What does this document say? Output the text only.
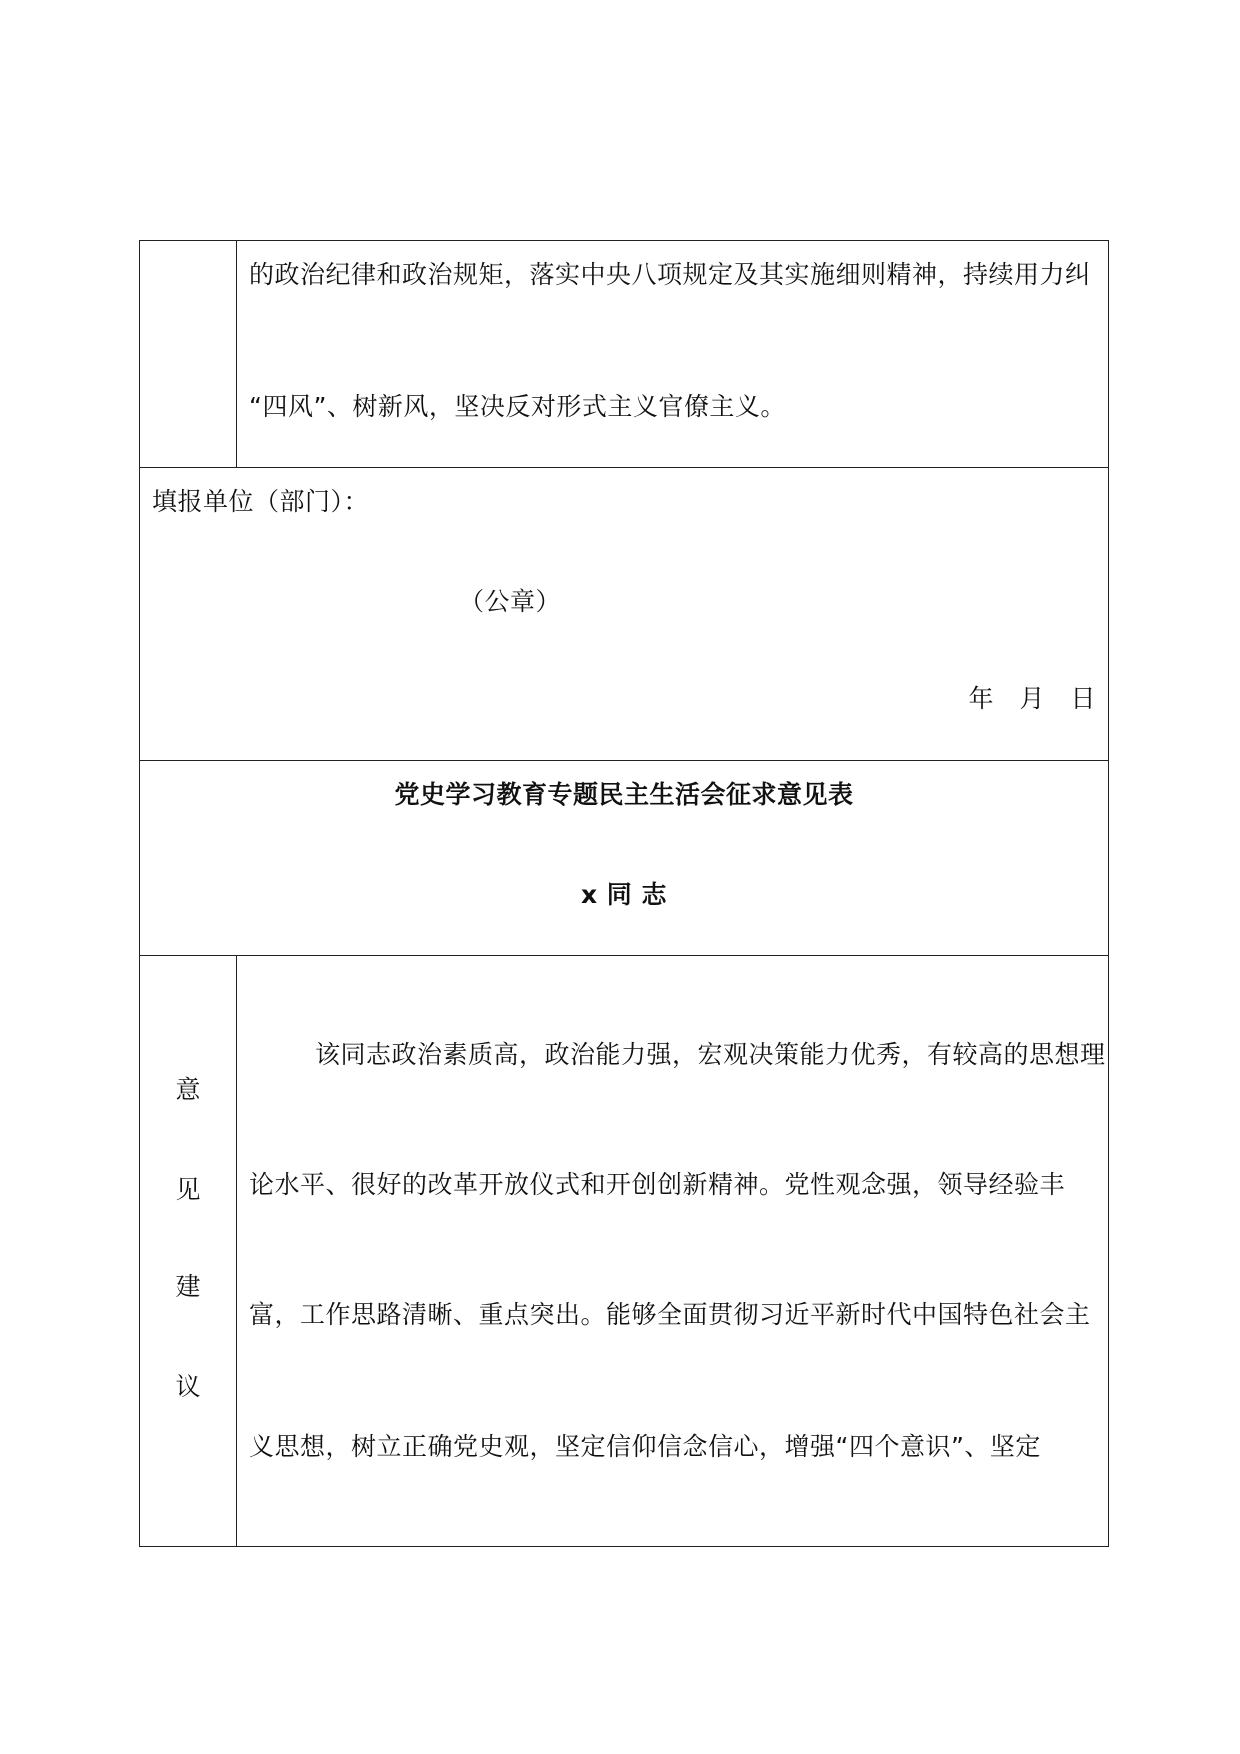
的政治纪律和政治规矩，落实中央八项规定及其实施细则精神，持续用力纠
“四风”、树新风，坚决反对形式主义官僚主义。
填报单位（部门）：
（公章）
年　月　日
党史学习教育专题民主生活会征求意见表
x 同 志
意
见
建
议
该同志政治素质高，政治能力强，宏观决策能力优秀，有较高的思想理
论水平、很好的改革开放仪式和开创创新精神。党性观念强，领导经验丰
富，工作思路清晰、重点突出。能够全面贯彻习近平新时代中国特色社会主
义思想，树立正确党史观，坚定信仰信念信心，增强“四个意识”、坚定
